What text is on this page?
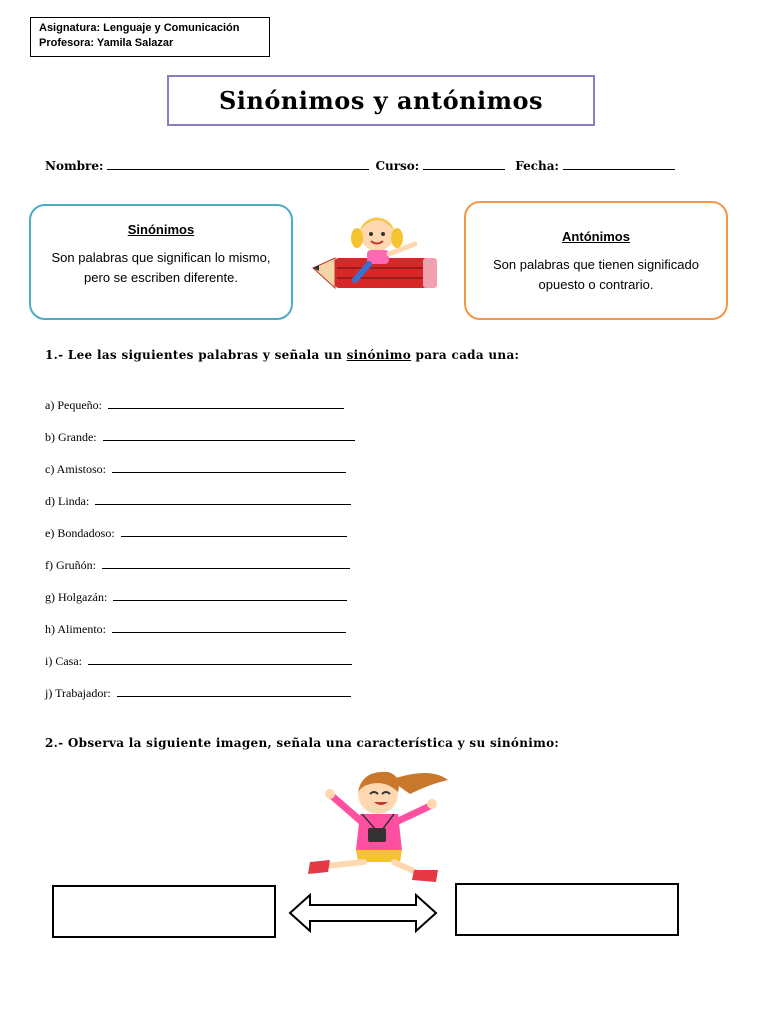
Asignatura: Lenguaje y Comunicación
Profesora: Yamila Salazar
Sinónimos y antónimos
Nombre:	Curso:	Fecha:
Sinónimos
Son palabras que significan lo mismo, pero se escriben diferente.
Antónimos
Son palabras que tienen significado opuesto o contrario.
1.- Lee las siguientes palabras y señala un sinónimo para cada una:
a) Pequeño:
b) Grande:
c) Amistoso:
d) Linda:
e) Bondadoso:
f) Gruñón:
g) Holgazán:
h) Alimento:
i) Casa:
j) Trabajador:
2.- Observa la siguiente imagen, señala una característica y su sinónimo:
